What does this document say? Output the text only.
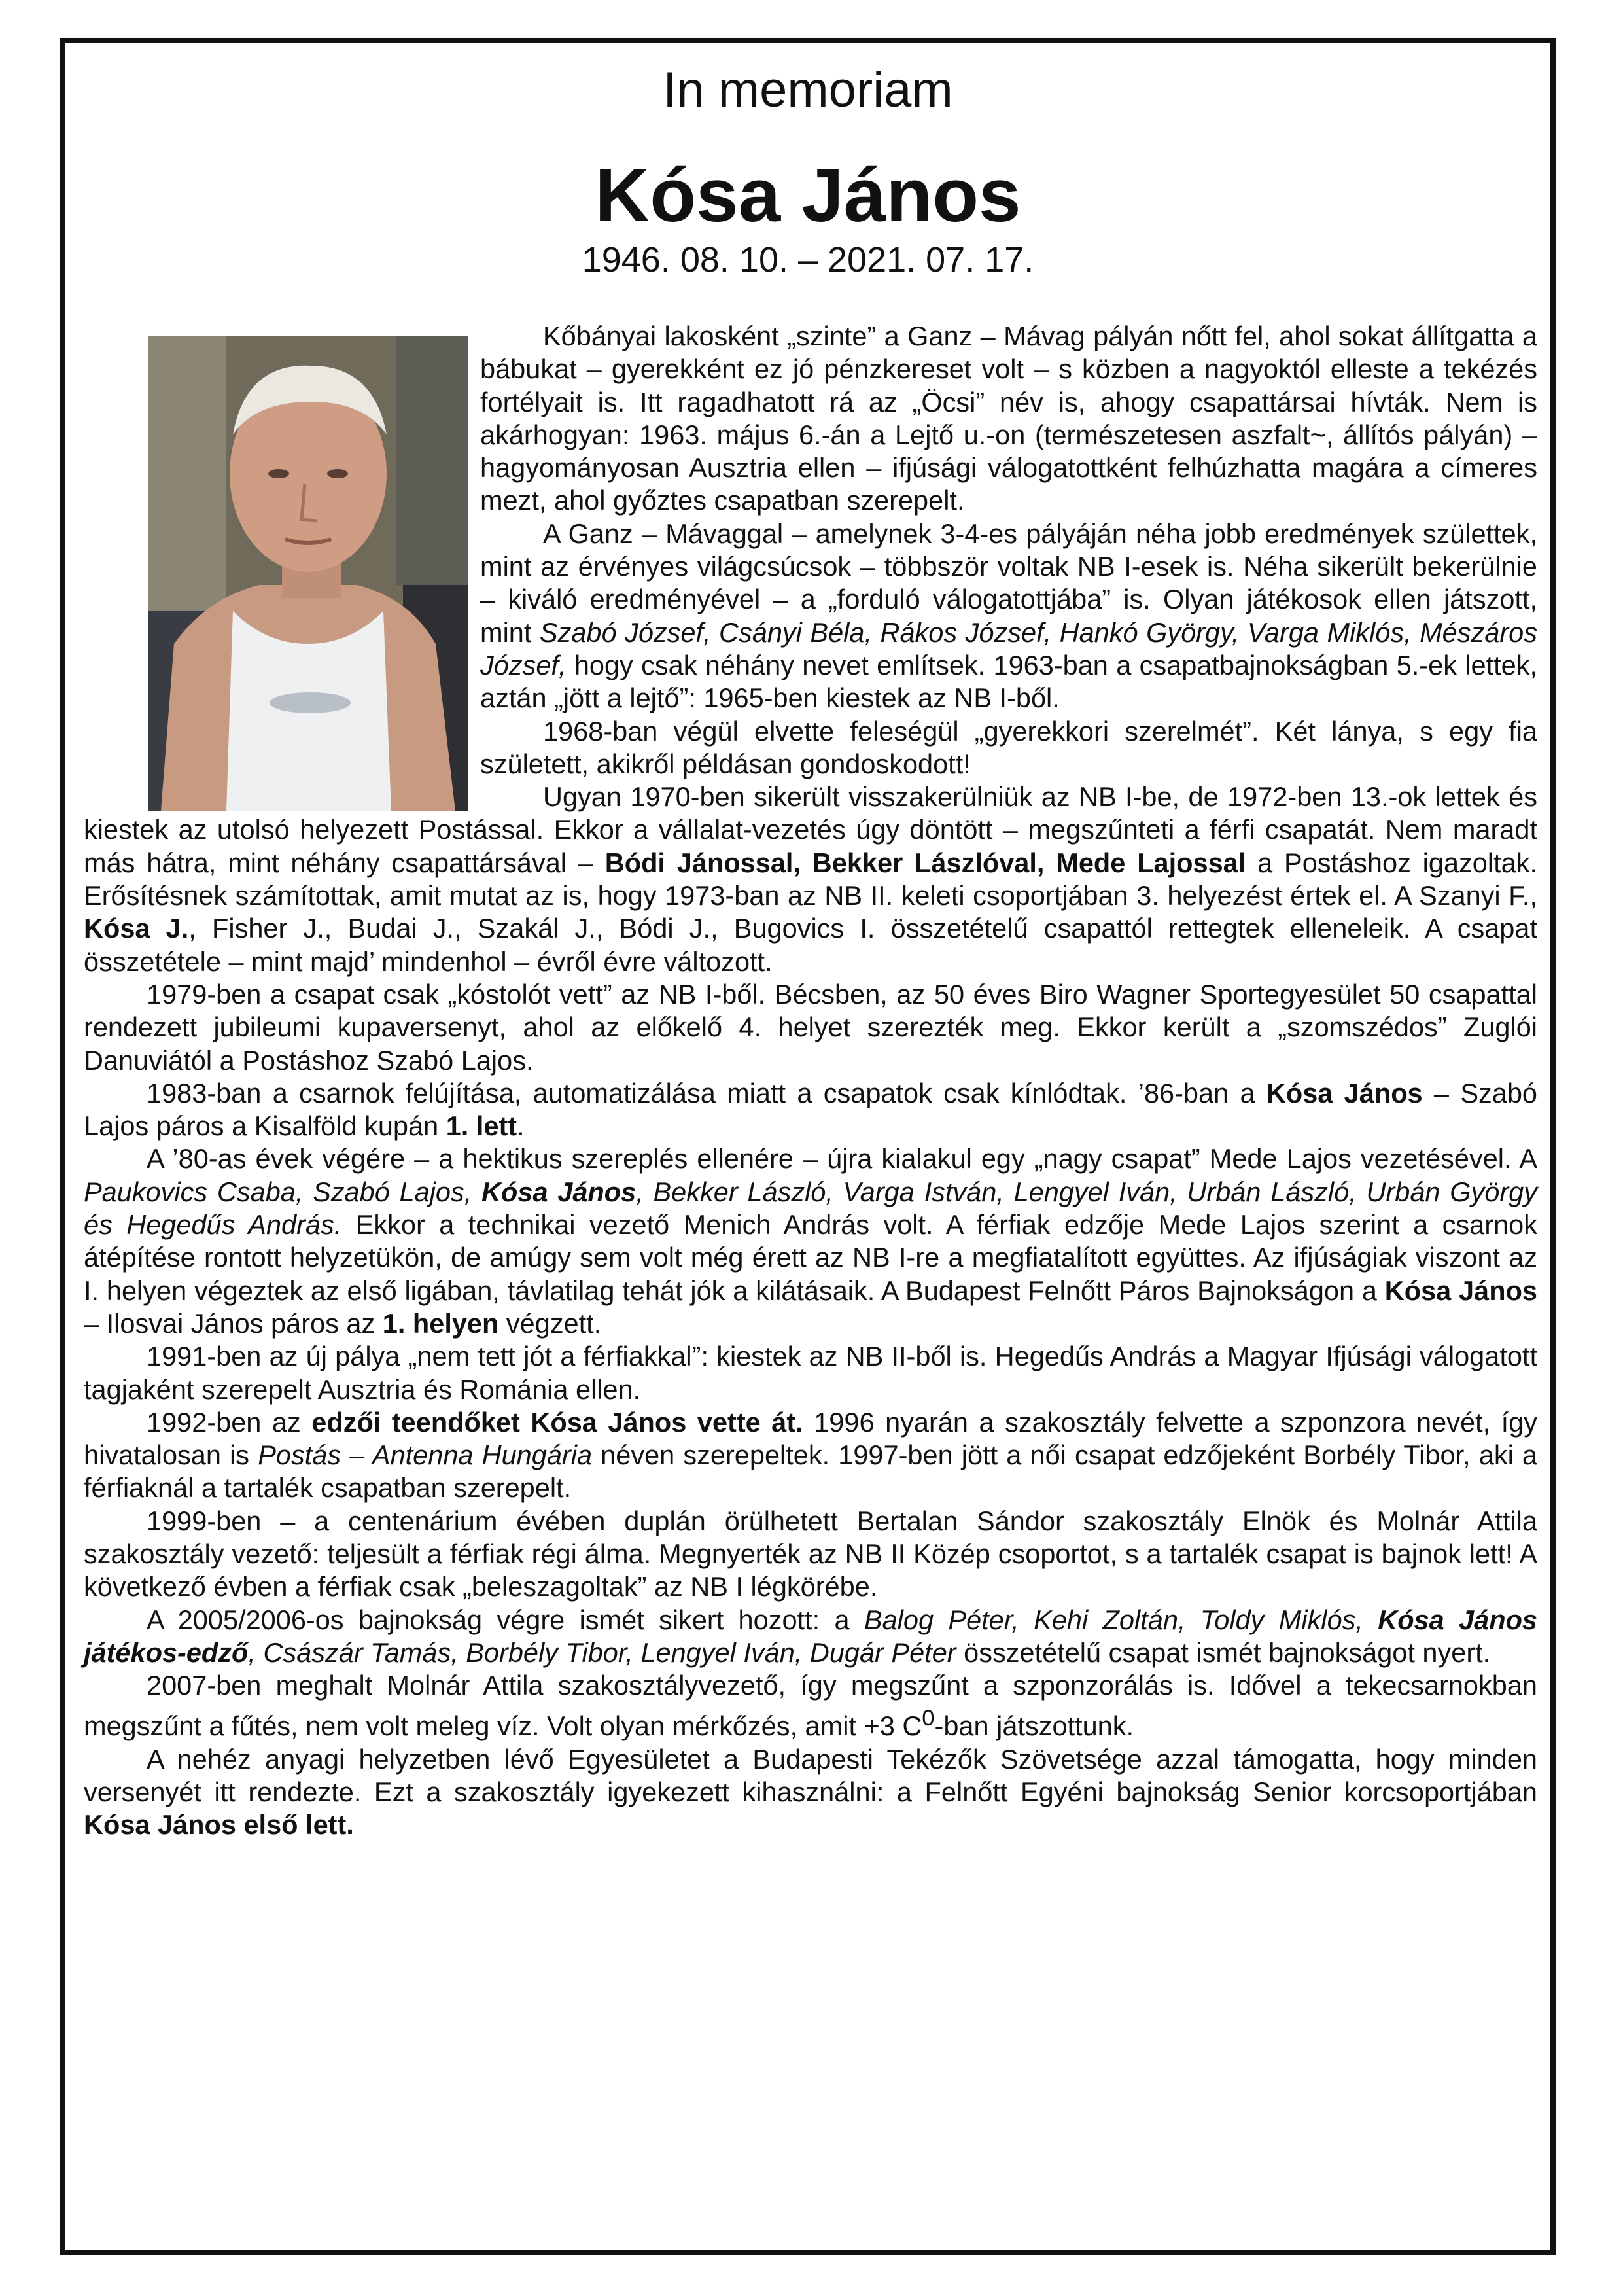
In memoriam
Kósa János
1946. 08. 10. – 2021. 07. 17.

Kőbányai lakosként „szinte” a Ganz – Mávag pályán nőtt fel, ahol sokat állítgatta a bábukat – gyerekként ez jó pénzkereset volt – s közben a nagyoktól elleste a tekézés fortélyait is. Itt ragadhatott rá az „Öcsi” név is, ahogy csapattársai hívták. Nem is akárhogyan: 1963. május 6.-án a Lejtő u.-on (természetesen aszfalt~, állítós pályán) – hagyományosan Ausztria ellen – ifjúsági válogatottként felhúzhatta magára a címeres mezt, ahol győztes csapatban szerepelt.

A Ganz – Mávaggal – amelynek 3-4-es pályáján néha jobb eredmények születtek, mint az érvényes világcsúcsok – többször voltak NB I-esek is. Néha sikerült bekerülnie – kiváló eredményével – a „forduló válogatottjába” is. Olyan játékosok ellen játszott, mint Szabó József, Csányi Béla, Rákos József, Hankó György, Varga Miklós, Mészáros József, hogy csak néhány nevet említsek. 1963-ban a csapatbajnokságban 5.-ek lettek, aztán „jött a lejtő”: 1965-ben kiestek az NB I-ből.

1968-ban végül elvette feleségül „gyerekkori szerelmét”. Két lánya, s egy fia született, akikről példásan gondoskodott!

Ugyan 1970-ben sikerült visszakerülniük az NB I-be, de 1972-ben 13.-ok lettek és kiestek az utolsó helyezett Postással. Ekkor a vállalat-vezetés úgy döntött – megszűnteti a férfi csapatát. Nem maradt más hátra, mint néhány csapattársával – Bódi Jánossal, Bekker Lászlóval, Mede Lajossal a Postáshoz igazoltak. Erősítésnek számítottak, amit mutat az is, hogy 1973-ban az NB II. keleti csoportjában 3. helyezést értek el. A Szanyi F., Kósa J., Fisher J., Budai J., Szakál J., Bódi J., Bugovics I. összetételű csapattól rettegtek elleneleik. A csapat összetétele – mint majd’ mindenhol – évről évre változott.

1979-ben a csapat csak „kóstolót vett” az NB I-ből. Bécsben, az 50 éves Biro Wagner Sportegyesület 50 csapattal rendezett jubileumi kupaversenyt, ahol az előkelő 4. helyet szerezték meg. Ekkor került a „szomszédos” Zuglói Danuviától a Postáshoz Szabó Lajos.

1983-ban a csarnok felújítása, automatizálása miatt a csapatok csak kínlódtak. ’86-ban a Kósa János – Szabó Lajos páros a Kisalföld kupán 1. lett.

A ’80-as évek végére – a hektikus szereplés ellenére – újra kialakul egy „nagy csapat” Mede Lajos vezetésével. A Paukovics Csaba, Szabó Lajos, Kósa János, Bekker László, Varga István, Lengyel Iván, Urbán László, Urbán György és Hegedűs András. Ekkor a technikai vezető Menich András volt. A férfiak edzője Mede Lajos szerint a csarnok átépítése rontott helyzetükön, de amúgy sem volt még érett az NB I-re a megfiatalított együttes. Az ifjúságiak viszont az I. helyen végeztek az első ligában, távlatilag tehát jók a kilátásaik. A Budapest Felnőtt Páros Bajnokságon a Kósa János – Ilosvai János páros az 1. helyen végzett.

1991-ben az új pálya „nem tett jót a férfiakkal”: kiestek az NB II-ből is. Hegedűs András a Magyar Ifjúsági válogatott tagjaként szerepelt Ausztria és Románia ellen.

1992-ben az edzői teendőket Kósa János vette át. 1996 nyarán a szakosztály felvette a szponzora nevét, így hivatalosan is Postás – Antenna Hungária néven szerepeltek. 1997-ben jött a női csapat edzőjeként Borbély Tibor, aki a férfiaknál a tartalék csapatban szerepelt.

1999-ben – a centenárium évében duplán örülhetett Bertalan Sándor szakosztály Elnök és Molnár Attila szakosztály vezető: teljesült a férfiak régi álma. Megnyerték az NB II Közép csoportot, s a tartalék csapat is bajnok lett! A következő évben a férfiak csak „beleszagoltak” az NB I légkörébe.

A 2005/2006-os bajnokság végre ismét sikert hozott: a Balog Péter, Kehi Zoltán, Toldy Miklós, Kósa János játékos-edző, Császár Tamás, Borbély Tibor, Lengyel Iván, Dugár Péter összetételű csapat ismét bajnokságot nyert.

2007-ben meghalt Molnár Attila szakosztályvezető, így megszűnt a szponzorálás is. Idővel a tekecsarnokban megszűnt a fűtés, nem volt meleg víz. Volt olyan mérkőzés, amit +3 $C^0$-ban játszottunk.

A nehéz anyagi helyzetben lévő Egyesületet a Budapesti Tekézők Szövetsége azzal támogatta, hogy minden versenyét itt rendezte. Ezt a szakosztály igyekezett kihasználni: a Felnőtt Egyéni bajnokság Senior korcsoportjában Kósa János első lett.
